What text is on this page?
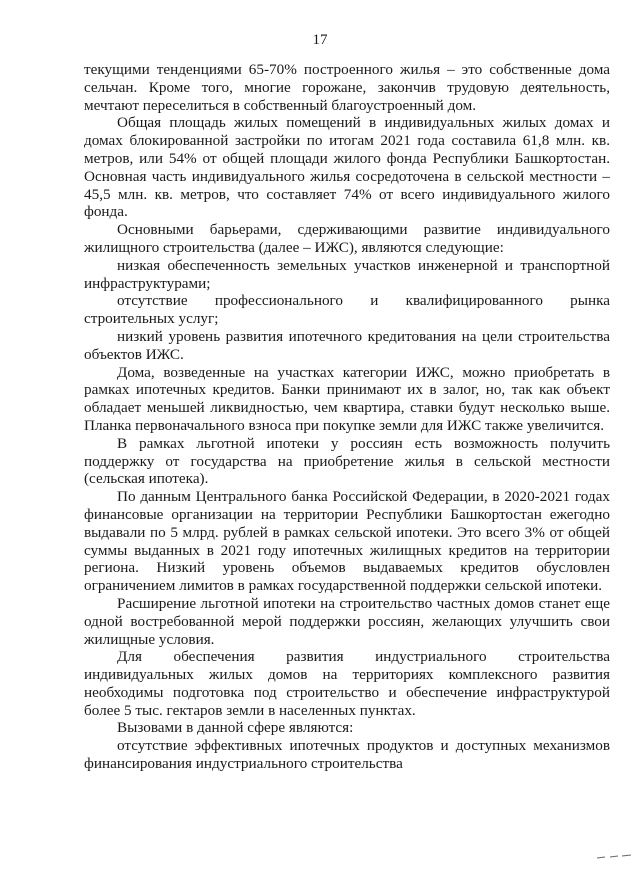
17

текущими тенденциями 65-70% построенного жилья – это собственные дома сельчан. Кроме того, многие горожане, закончив трудовую деятельность, мечтают переселиться в собственный благоустроенный дом.

Общая площадь жилых помещений в индивидуальных жилых домах и домах блокированной застройки по итогам 2021 года составила 61,8 млн. кв. метров, или 54% от общей площади жилого фонда Республики Башкортостан. Основная часть индивидуального жилья сосредоточена в сельской местности – 45,5 млн. кв. метров, что составляет 74% от всего индивидуального жилого фонда.

Основными барьерами, сдерживающими развитие индивидуального жилищного строительства (далее – ИЖС), являются следующие:

низкая обеспеченность земельных участков инженерной и транспортной инфраструктурами;

отсутствие профессионального и квалифицированного рынка строительных услуг;

низкий уровень развития ипотечного кредитования на цели строительства объектов ИЖС.

Дома, возведенные на участках категории ИЖС, можно приобретать в рамках ипотечных кредитов. Банки принимают их в залог, но, так как объект обладает меньшей ликвидностью, чем квартира, ставки будут несколько выше. Планка первоначального взноса при покупке земли для ИЖС также увеличится.

В рамках льготной ипотеки у россиян есть возможность получить поддержку от государства на приобретение жилья в сельской местности (сельская ипотека).

По данным Центрального банка Российской Федерации, в 2020-2021 годах финансовые организации на территории Республики Башкортостан ежегодно выдавали по 5 млрд. рублей в рамках сельской ипотеки. Это всего 3% от общей суммы выданных в 2021 году ипотечных жилищных кредитов на территории региона. Низкий уровень объемов выдаваемых кредитов обусловлен ограничением лимитов в рамках государственной поддержки сельской ипотеки.

Расширение льготной ипотеки на строительство частных домов станет еще одной востребованной мерой поддержки россиян, желающих улучшить свои жилищные условия.

Для обеспечения развития индустриального строительства индивидуальных жилых домов на территориях комплексного развития необходимы подготовка под строительство и обеспечение инфраструктурой более 5 тыс. гектаров земли в населенных пунктах.

Вызовами в данной сфере являются:

отсутствие эффективных ипотечных продуктов и доступных механизмов финансирования индустриального строительства
